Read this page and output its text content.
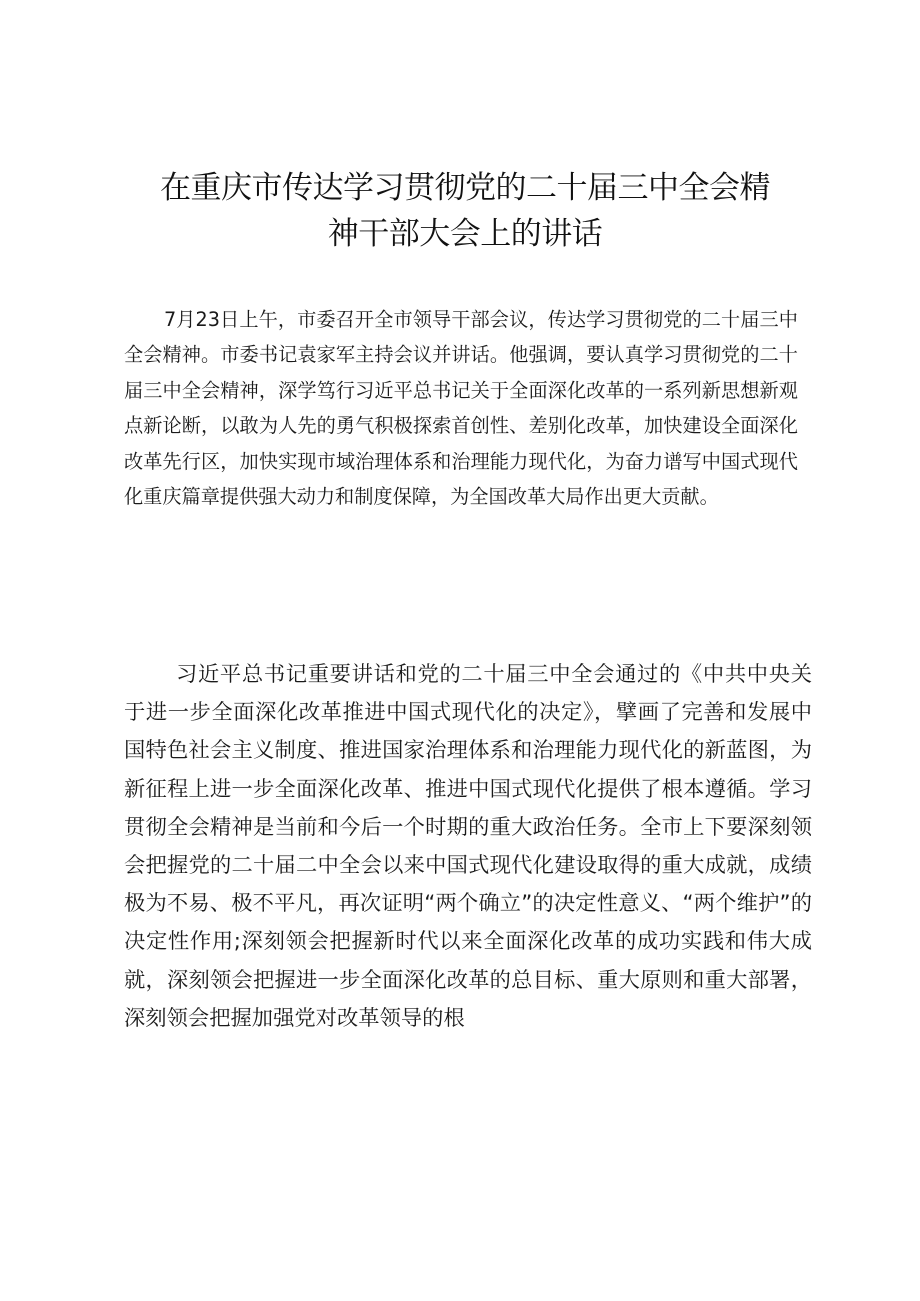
在重庆市传达学习贯彻党的二十届三中全会精
神干部大会上的讲话

7月23日上午，市委召开全市领导干部会议，传达学习贯彻党的二十届三中全会精神。市委书记袁家军主持会议并讲话。他强调，要认真学习贯彻党的二十届三中全会精神，深学笃行习近平总书记关于全面深化改革的一系列新思想新观点新论断，以敢为人先的勇气积极探索首创性、差别化改革，加快建设全面深化改革先行区，加快实现市域治理体系和治理能力现代化，为奋力谱写中国式现代化重庆篇章提供强大动力和制度保障，为全国改革大局作出更大贡献。

习近平总书记重要讲话和党的二十届三中全会通过的《中共中央关于进一步全面深化改革推进中国式现代化的决定》，擘画了完善和发展中国特色社会主义制度、推进国家治理体系和治理能力现代化的新蓝图，为新征程上进一步全面深化改革、推进中国式现代化提供了根本遵循。学习贯彻全会精神是当前和今后一个时期的重大政治任务。全市上下要深刻领会把握党的二十届二中全会以来中国式现代化建设取得的重大成就，成绩极为不易、极不平凡，再次证明“两个确立”的决定性意义、“两个维护”的决定性作用;深刻领会把握新时代以来全面深化改革的成功实践和伟大成就，深刻领会把握进一步全面深化改革的总目标、重大原则和重大部署，深刻领会把握加强党对改革领导的根
